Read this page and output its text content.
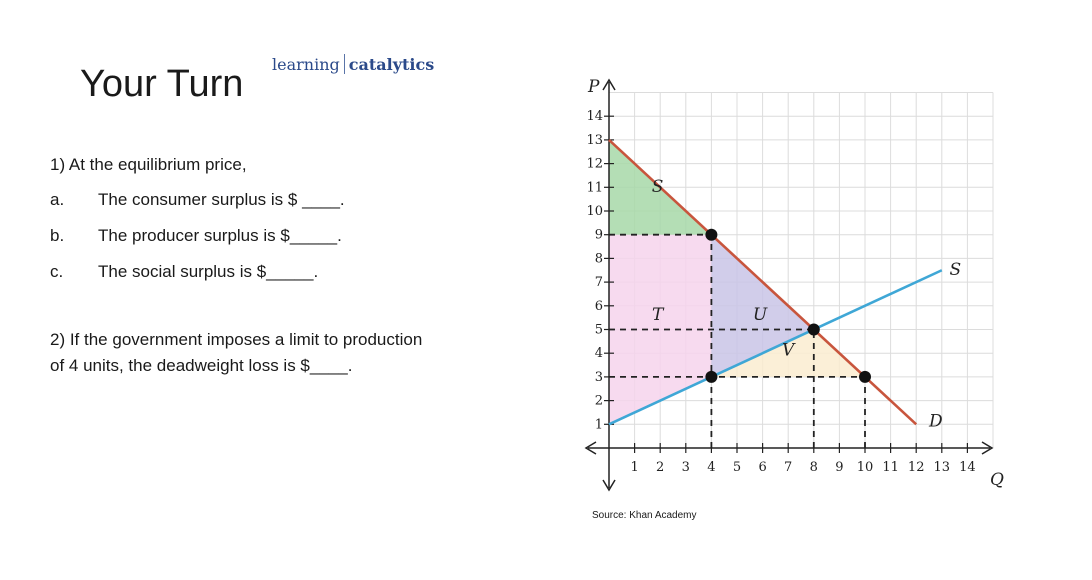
Your Turn learning catalytics
1) At the equilibrium price,
a. The consumer surplus is $ ____.
b. The producer surplus is $_____.
c. The social surplus is $_____.
2) If the government imposes a limit to production
of 4 units, the deadweight loss is $____.
1 2 3 4 5 6 7 8 9 10 11 12 13 14
1
2
3
4
5
6
7
8
9
10
11
12
13
14
Q
P
D
S
S
T	U
V
Source: Khan Academy
